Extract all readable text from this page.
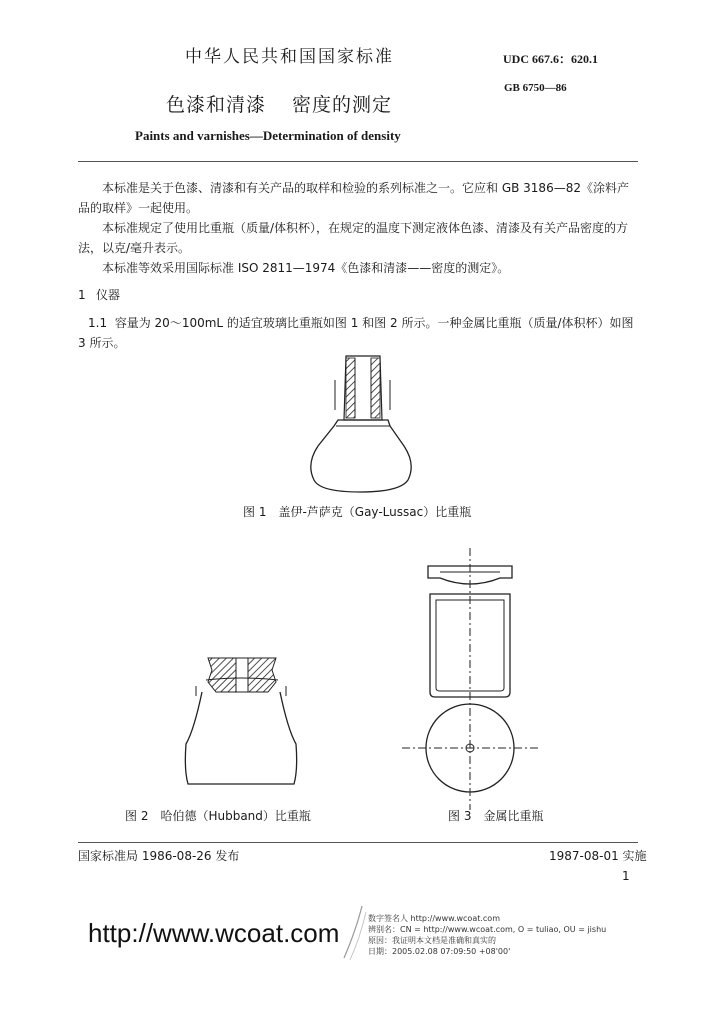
中华人民共和国国家标准	UDC 667.6：620.1
GB 6750—86
色漆和清漆 密度的测定
Paints and varnishes—Determination of density
本标准是关于色漆、清漆和有关产品的取样和检验的系列标准之一。它应和 GB 3186—82《涂料产品的取样》一起使用。
本标准规定了使用比重瓶（质量/体积杯），在规定的温度下测定液体色漆、清漆及有关产品密度的方法，以克/毫升表示。
本标准等效采用国际标准 ISO 2811—1974《色漆和清漆——密度的测定》。
1 仪器
1.1 容量为 20～100mL 的适宜玻璃比重瓶如图 1 和图 2 所示。一种金属比重瓶（质量/体积杯）如图 3 所示。
图 1　盖伊-芦萨克（Gay-Lussac）比重瓶
图 2　哈伯德（Hubband）比重瓶	图 3　金属比重瓶
国家标准局 1986-08-26 发布	1987-08-01 实施
1
http://www.wcoat.com	数字签名人 http://www.wcoat.com
辨别名：CN = http://www.wcoat.com, O = tuliao, OU = jishu
原因：我证明本文档是准确和真实的
日期：2005.02.08 07:09:50 +08'00'
